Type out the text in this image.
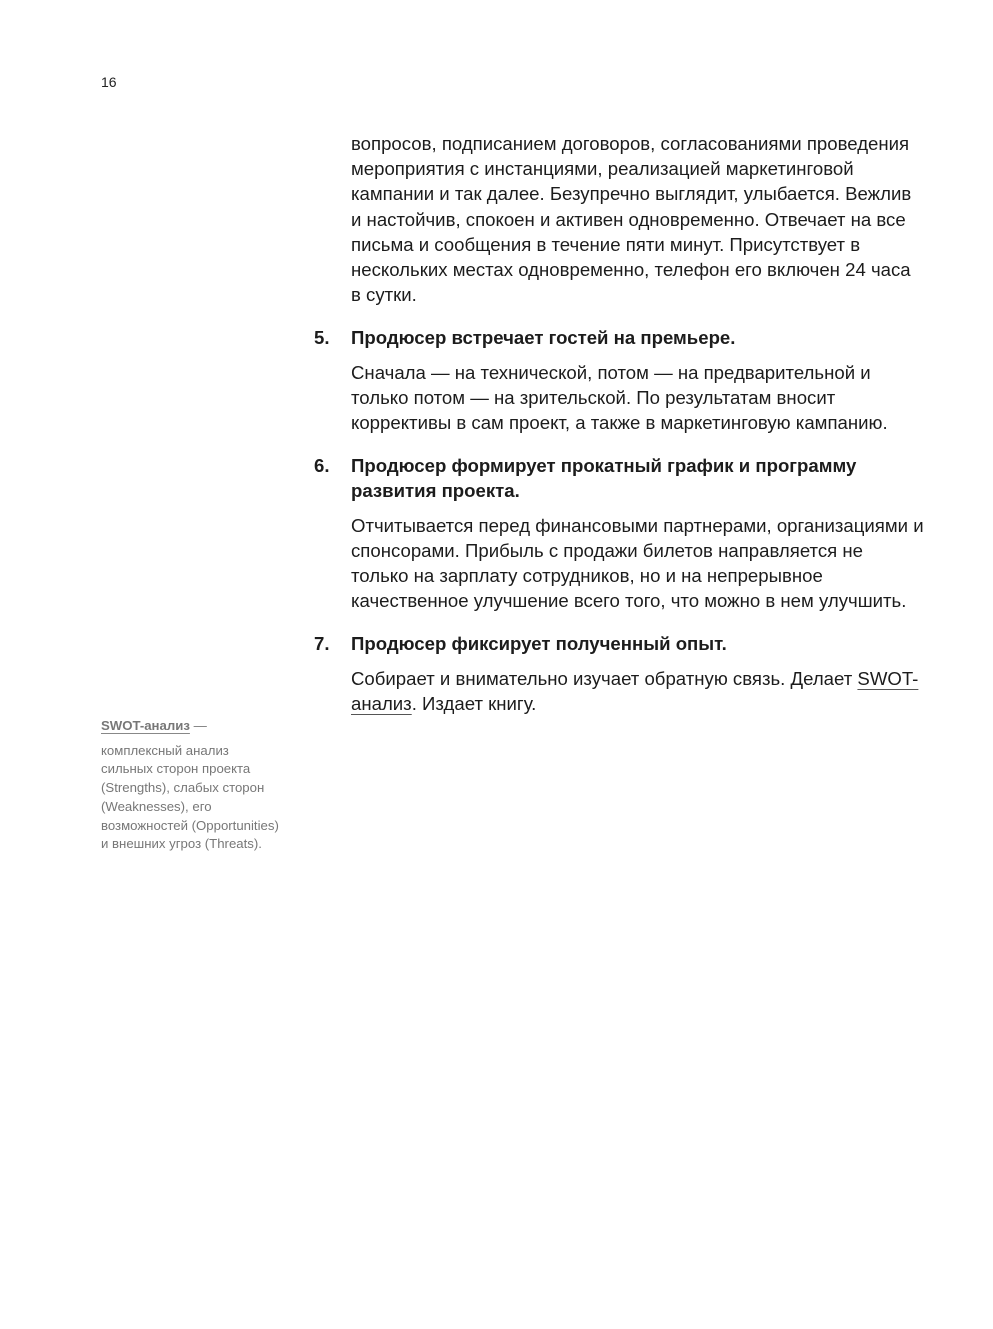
16

вопросов, подписанием договоров, согласованиями проведения мероприятия с инстанциями, реализацией маркетинговой кампании и так далее. Безупречно выглядит, улыбается. Вежлив и настойчив, спокоен и активен одновременно. Отвечает на все письма и сообщения в течение пяти минут. Присутствует в нескольких местах одновременно, телефон его включен 24 часа в сутки.

5. Продюсер встречает гостей на премьере.

Сначала — на технической, потом — на предварительной и только потом — на зрительской. По результатам вносит коррективы в сам проект, а также в маркетинговую кампанию.

6. Продюсер формирует прокатный график и программу развития проекта.

Отчитывается перед финансовыми партнерами, организациями и спонсорами. Прибыль с продажи билетов направляется не только на зарплату сотрудников, но и на непрерывное качественное улучшение всего того, что можно в нем улучшить.

7. Продюсер фиксирует полученный опыт.

Собирает и внимательно изучает обратную связь. Делает SWOT-анализ. Издает книгу.

SWOT-анализ —
комплексный анализ сильных сторон проекта (Strengths), слабых сторон (Weaknesses), его возможностей (Opportunities) и внешних угроз (Threats).
